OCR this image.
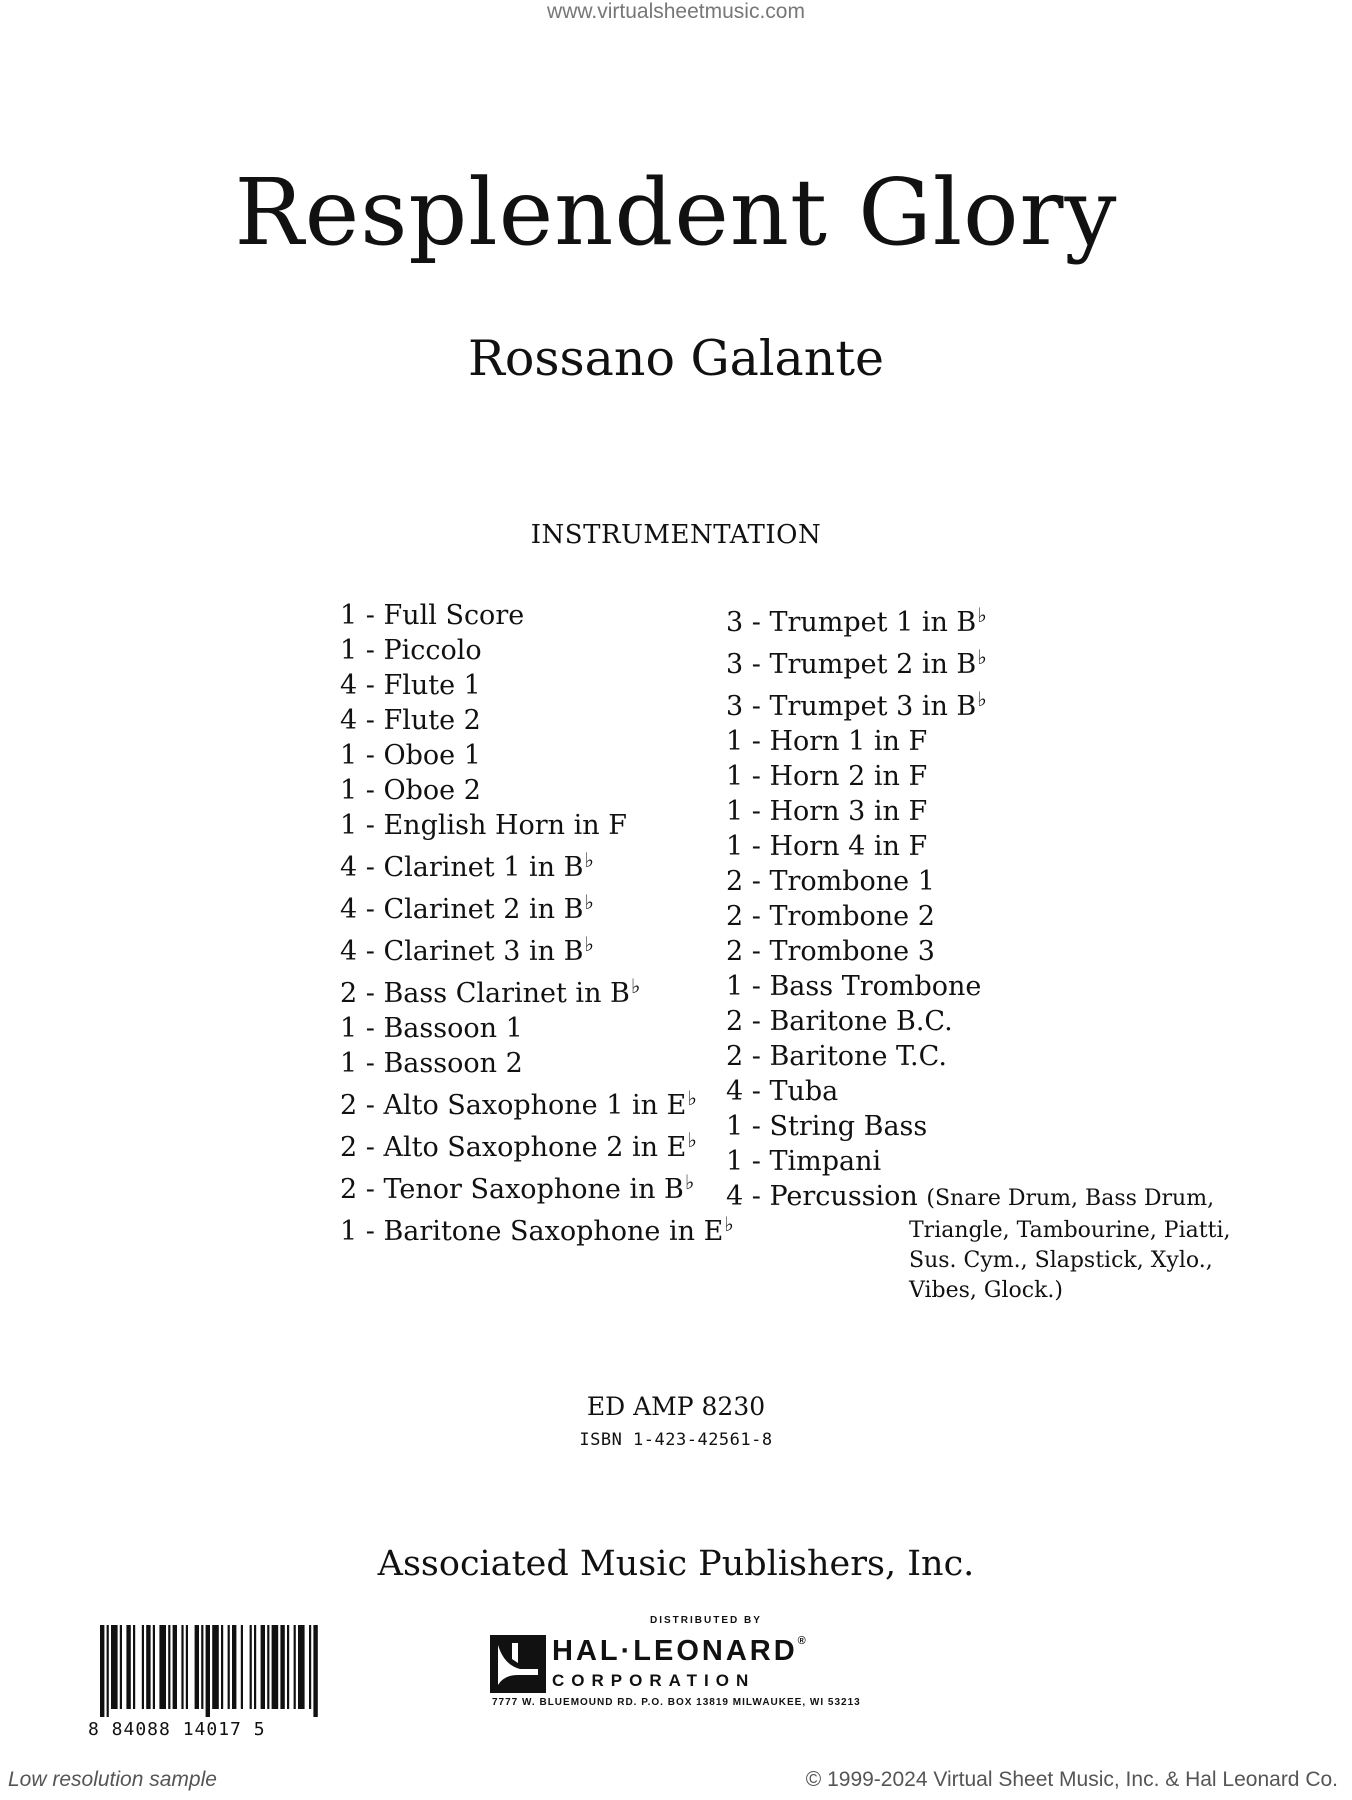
www.virtualsheetmusic.com
Resplendent Glory
Rossano Galante
INSTRUMENTATION
1 - Full Score
1 - Piccolo
4 - Flute 1
4 - Flute 2
1 - Oboe 1
1 - Oboe 2
1 - English Horn in F
4 - Clarinet 1 in B♭
4 - Clarinet 2 in B♭
4 - Clarinet 3 in B♭
2 - Bass Clarinet in B♭
1 - Bassoon 1
1 - Bassoon 2
2 - Alto Saxophone 1 in E♭
2 - Alto Saxophone 2 in E♭
2 - Tenor Saxophone in B♭
1 - Baritone Saxophone in E♭
3 - Trumpet 1 in B♭
3 - Trumpet 2 in B♭
3 - Trumpet 3 in B♭
1 - Horn 1 in F
1 - Horn 2 in F
1 - Horn 3 in F
1 - Horn 4 in F
2 - Trombone 1
2 - Trombone 2
2 - Trombone 3
1 - Bass Trombone
2 - Baritone B.C.
2 - Baritone T.C.
4 - Tuba
1 - String Bass
1 - Timpani
4 - Percussion (Snare Drum, Bass Drum,
Triangle, Tambourine, Piatti,
Sus. Cym., Slapstick, Xylo.,
Vibes, Glock.)
ED AMP 8230
ISBN 1-423-42561-8
Associated Music Publishers, Inc.
8 84088 14017 5
DISTRIBUTED BY
HAL·LEONARD®
CORPORATION
7777 W. BLUEMOUND RD. P.O. BOX 13819 MILWAUKEE, WI 53213
Low resolution sample	© 1999-2024 Virtual Sheet Music, Inc. & Hal Leonard Co.
